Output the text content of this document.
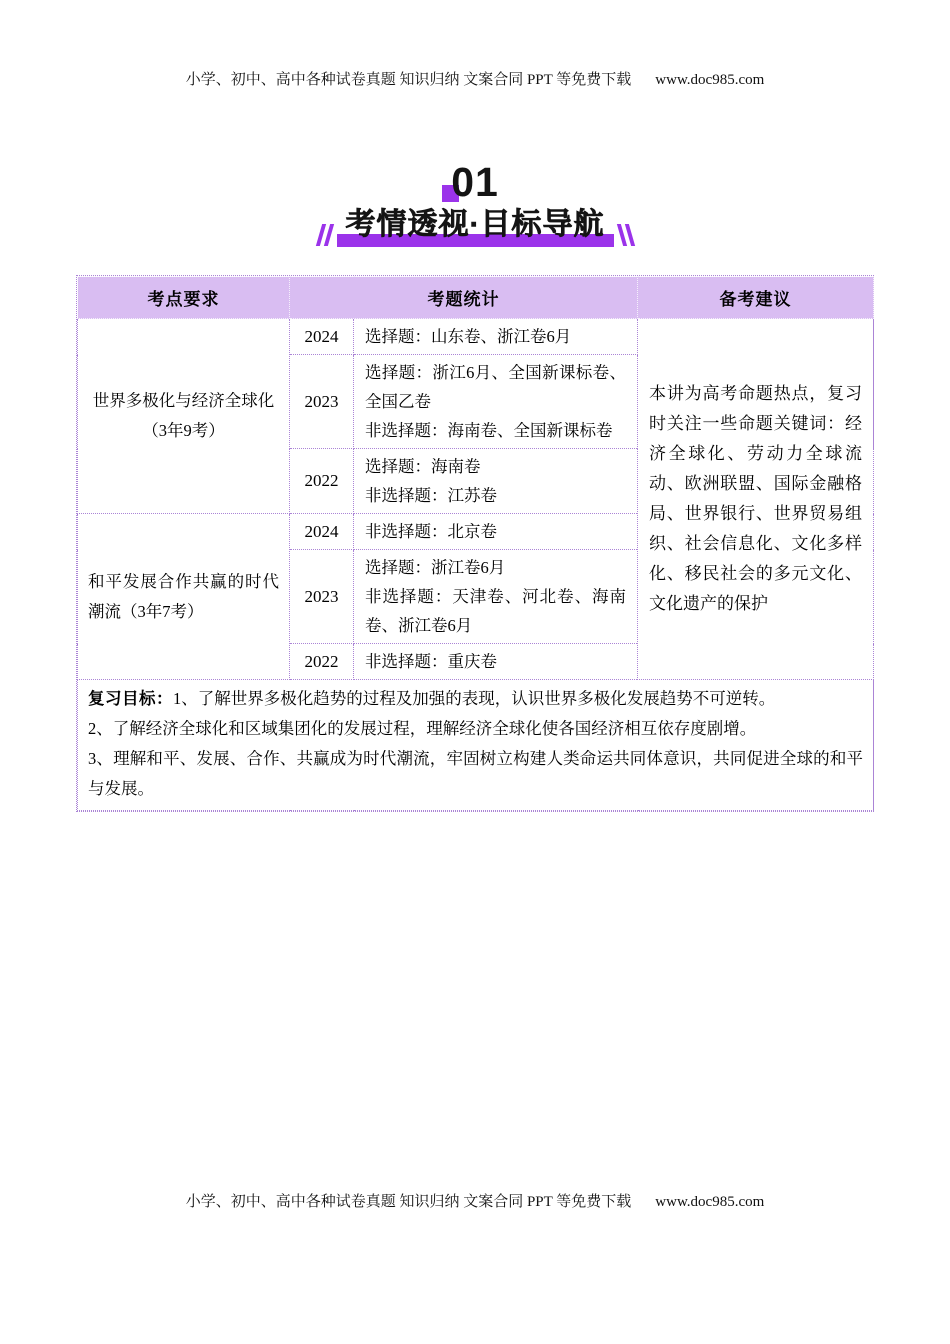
小学、初中、高中各种试卷真题 知识归纳 文案合同 PPT 等免费下载 www.doc985.com
01
考情透视·目标导航
考点要求	考题统计		备考建议

世界多极化与经济全球化
（3年9考）	2024	选择题：山东卷、浙江卷6月	本讲为高考命题热点，复习时关注一些命题关键词：经济全球化、劳动力全球流动、欧洲联盟、国际金融格局、世界银行、世界贸易组织、社会信息化、文化多样化、移民社会的多元文化、文化遗产的保护

	2023	选择题：浙江6月、全国新课标卷、全国乙卷
非选择题：海南卷、全国新课标卷	

	2022	选择题：海南卷
非选择题：江苏卷	

和平发展合作共赢的时代潮流（3年7考）	2024	非选择题：北京卷	

	2023	选择题：浙江卷6月
非选择题：天津卷、河北卷、海南卷、浙江卷6月	

	2022	非选择题：重庆卷	

复习目标：1、了解世界多极化趋势的过程及加强的表现，认识世界多极化发展趋势不可逆转。

2、了解经济全球化和区域集团化的发展过程，理解经济全球化使各国经济相互依存度剧增。

3、理解和平、发展、合作、共赢成为时代潮流，牢固树立构建人类命运共同体意识，共同促进全球的和平与发展。			

小学、初中、高中各种试卷真题 知识归纳 文案合同 PPT 等免费下载 www.doc985.com
